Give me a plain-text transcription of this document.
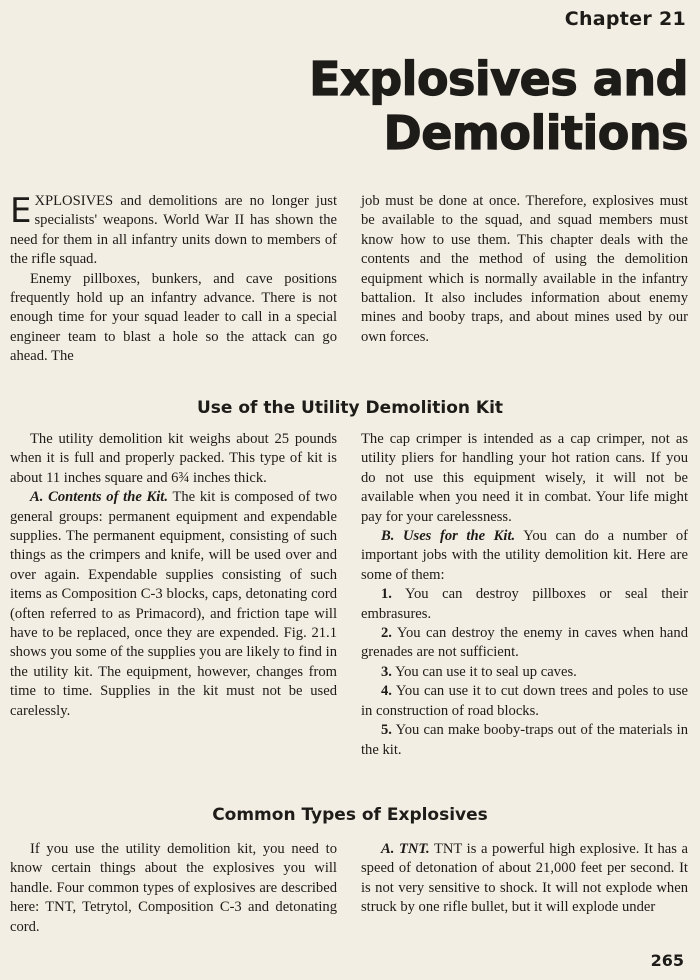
Chapter 21
Explosives and
Demolitions

EXPLOSIVES and demolitions are no longer just specialists' weapons. World War II has shown the need for them in all infantry units down to members of the rifle squad.

Enemy pillboxes, bunkers, and cave positions frequently hold up an infantry advance. There is not enough time for your squad leader to call in a special engineer team to blast a hole so the attack can go ahead. The

job must be done at once. Therefore, explosives must be available to the squad, and squad members must know how to use them. This chapter deals with the contents and the method of using the demolition equipment which is normally available in the infantry battalion. It also includes information about enemy mines and booby traps, and about mines used by our own forces.

Use of the Utility Demolition Kit

The utility demolition kit weighs about 25 pounds when it is full and properly packed. This type of kit is about 11 inches square and 6¾ inches thick.

A. Contents of the Kit. The kit is composed of two general groups: permanent equipment and expendable supplies. The permanent equipment, consisting of such things as the crimpers and knife, will be used over and over again. Expendable supplies consisting of such items as Composition C-3 blocks, caps, detonating cord (often referred to as Primacord), and friction tape will have to be replaced, once they are expended. Fig. 21.1 shows you some of the supplies you are likely to find in the utility kit. The equipment, however, changes from time to time. Supplies in the kit must not be used carelessly.

The cap crimper is intended as a cap crimper, not as utility pliers for handling your hot ration cans. If you do not use this equipment wisely, it will not be available when you need it in combat. Your life might pay for your carelessness.

B. Uses for the Kit. You can do a number of important jobs with the utility demolition kit. Here are some of them:

1. You can destroy pillboxes or seal their embrasures.

2. You can destroy the enemy in caves when hand grenades are not sufficient.

3. You can use it to seal up caves.

4. You can use it to cut down trees and poles to use in construction of road blocks.

5. You can make booby-traps out of the materials in the kit.

Common Types of Explosives

If you use the utility demolition kit, you need to know certain things about the explosives you will handle. Four common types of explosives are described here: TNT, Tetrytol, Composition C-3 and detonating cord.

A. TNT. TNT is a powerful high explosive. It has a speed of detonation of about 21,000 feet per second. It is not very sensitive to shock. It will not explode when struck by one rifle bullet, but it will explode under

265
